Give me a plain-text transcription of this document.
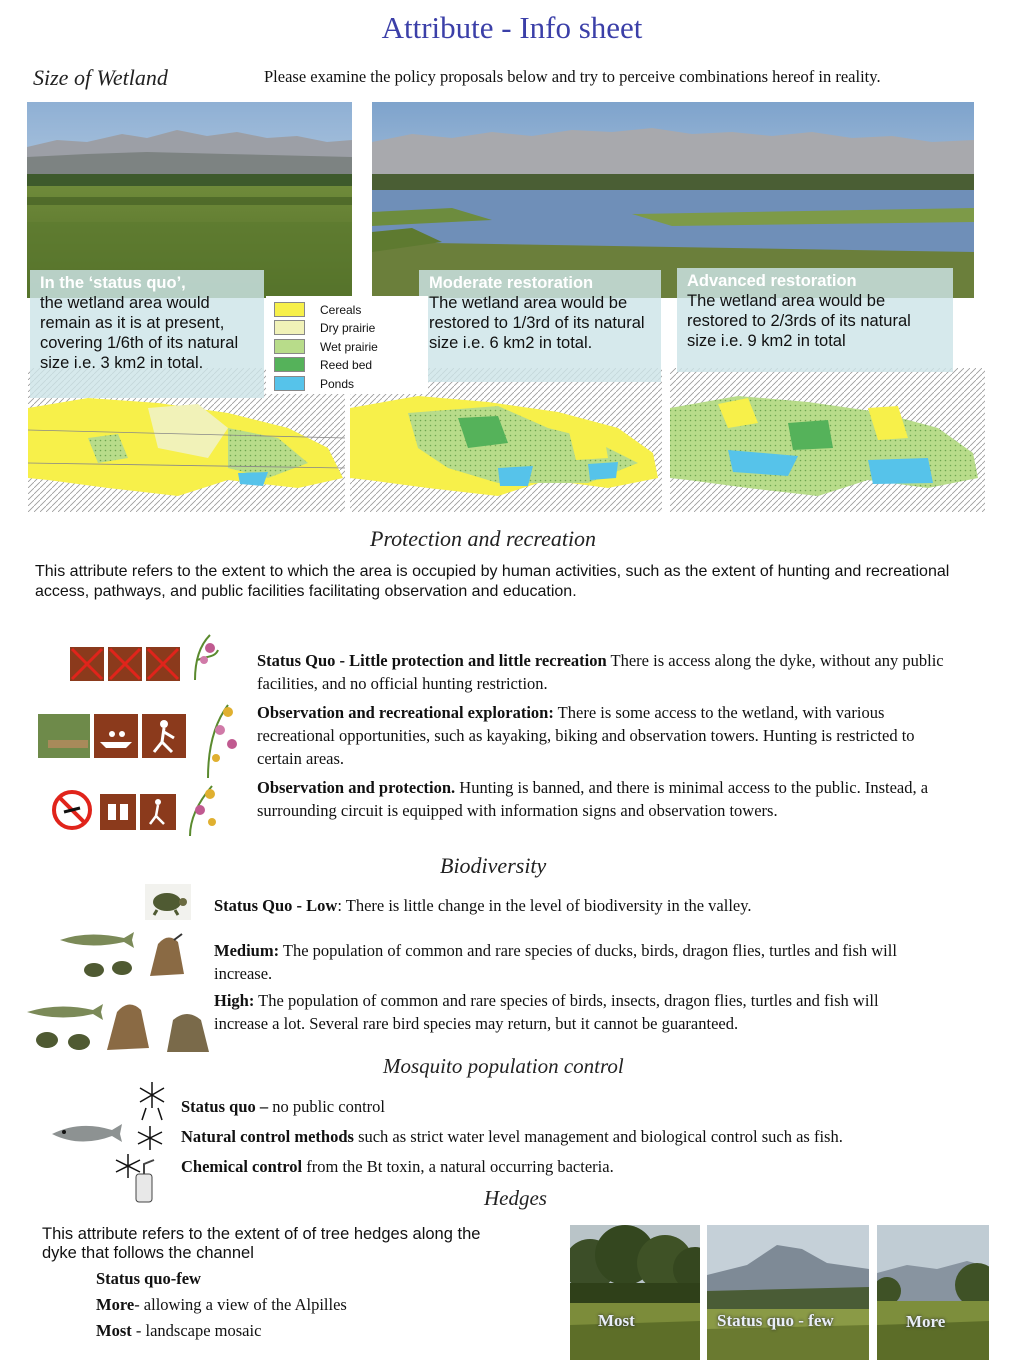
Attribute - Info sheet
Size of Wetland	Please examine the policy proposals below and try to perceive combinations hereof in reality.
In the ‘status quo’,
the wetland area would remain as it is at present, covering 1/6th of its natural size i.e. 3 km2 in total.
Moderate restoration
The wetland area would be restored to 1/3rd of its natural size i.e. 6 km2 in total.
Advanced restoration
The wetland area would be restored to 2/3rds of its natural size i.e. 9 km2 in total
Cereals
Dry prairie
Wet prairie
Reed bed
Ponds
Protection and recreation
This attribute refers to the extent to which the area is occupied by human activities, such as the extent of hunting and recreational access, pathways, and public facilities facilitating observation and education.
Status Quo - Little protection and little recreation There is access along the dyke, without any public facilities, and no official hunting restriction.
Observation and recreational exploration: There is some access to the wetland, with various recreational opportunities, such as kayaking, biking and observation towers. Hunting is restricted to certain areas.
Observation and protection. Hunting is banned, and there is minimal access to the public. Instead, a surrounding circuit is equipped with information signs and observation towers.
Biodiversity
Status Quo - Low: There is little change in the level of biodiversity in the valley.
Medium: The population of common and rare species of ducks, birds, dragon flies, turtles and fish will increase.
High: The population of common and rare species of birds, insects, dragon flies, turtles and fish will increase a lot. Several rare bird species may return, but it cannot be guaranteed.
Mosquito population control
Status quo – no public control
Natural control methods such as strict water level management and biological control such as fish.
Chemical control from the Bt toxin, a natural occurring bacteria.
Hedges
This attribute refers to the extent of of tree hedges along the dyke that follows the channel
Status quo-few
More- allowing a view of the Alpilles
Most - landscape mosaic
Most	Status quo - few	More
